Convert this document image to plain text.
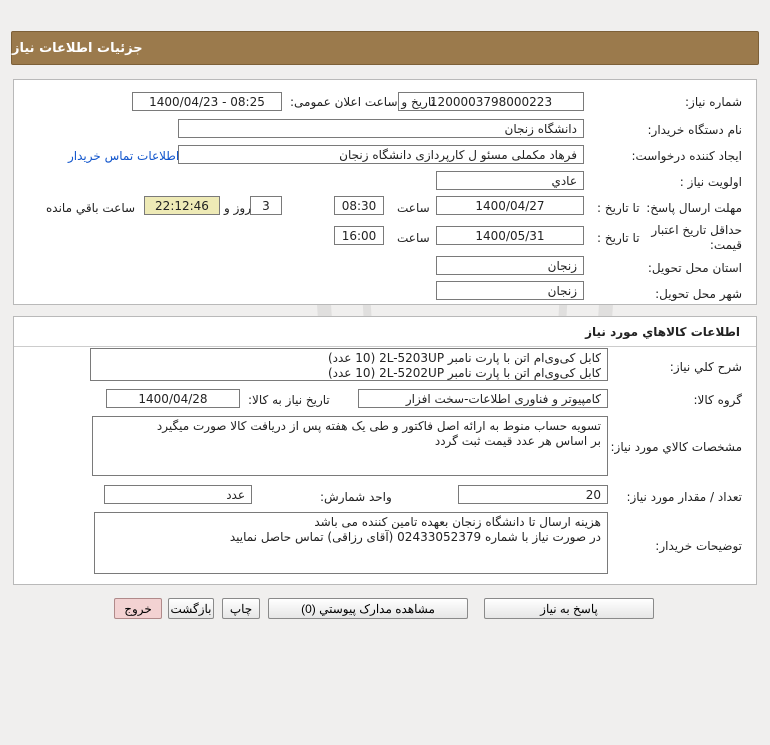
جزئیات اطلاعات نیاز
شماره نیاز:
1200003798000223
تاریخ و ساعت اعلان عمومی:
1400/04/23 - 08:25
نام دستگاه خريدار:
دانشگاه زنجان
ايجاد کننده درخواست:
فرهاد مکملی مسئو ل کارپردازی دانشگاه زنجان
اطلاعات تماس خريدار
اولويت نياز :
عادي
مهلت ارسال پاسخ:
تا تاريخ :
1400/04/27
ساعت
08:30
3
روز و
22:12:46
ساعت باقي مانده
حداقل تاريخ اعتبار
قيمت:
تا تاريخ :
1400/05/31
ساعت
16:00
استان محل تحويل:
زنجان
شهر محل تحويل:
زنجان
اطلاعات کالاهاي مورد نياز
شرح کلي نياز:
کابل کی‌وی‌ام اتن با پارت نامبر 2L-5203UP (10 عدد)
کابل کی‌وی‌ام اتن با پارت نامبر 2L-5202UP (10 عدد)
گروه کالا:
کامپيوتر و فناوری اطلاعات-سخت افزار
تاريخ نياز به کالا:
1400/04/28
مشخصات کالاي مورد نياز:
تسویه حساب منوط به ارائه اصل فاکتور و طی یک هفته پس از دریافت کالا صورت میگیرد
بر اساس هر عدد قیمت ثبت گردد
تعداد / مقدار مورد نياز:
20
واحد شمارش:
عدد
توضيحات خريدار:
هزینه ارسال تا دانشگاه زنجان بعهده تامین کننده می باشد
در صورت نیاز با شماره 02433052379 (آقای رزاقی) تماس حاصل نمایید
پاسخ به نياز
مشاهده مدارک پيوستي (0)
چاپ
بازگشت
خروج
